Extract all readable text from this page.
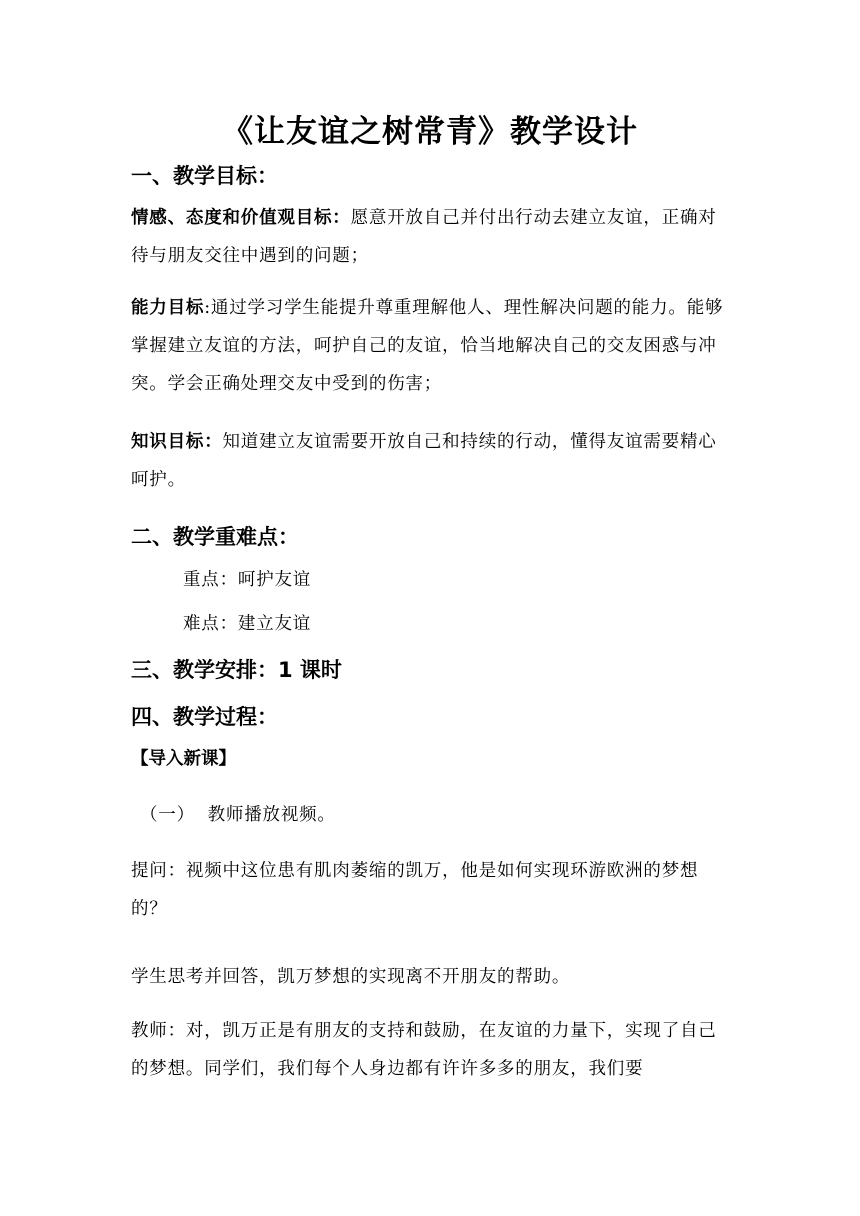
《让友谊之树常青》教学设计
一、教学目标：
情感、态度和价值观目标：愿意开放自己并付出行动去建立友谊，正确对待与朋友交往中遇到的问题；
能力目标:通过学习学生能提升尊重理解他人、理性解决问题的能力。能够掌握建立友谊的方法，呵护自己的友谊，恰当地解决自己的交友困惑与冲突。学会正确处理交友中受到的伤害；
知识目标：知道建立友谊需要开放自己和持续的行动，懂得友谊需要精心呵护。
二、教学重难点：
重点：呵护友谊
难点：建立友谊
三、教学安排：1 课时
四、教学过程：
【导入新课】
（一）  教师播放视频。
提问：视频中这位患有肌肉萎缩的凯万，他是如何实现环游欧洲的梦想的？
学生思考并回答，凯万梦想的实现离不开朋友的帮助。
教师：对，凯万正是有朋友的支持和鼓励，在友谊的力量下，实现了自己的梦想。同学们，我们每个人身边都有许许多多的朋友，我们要
